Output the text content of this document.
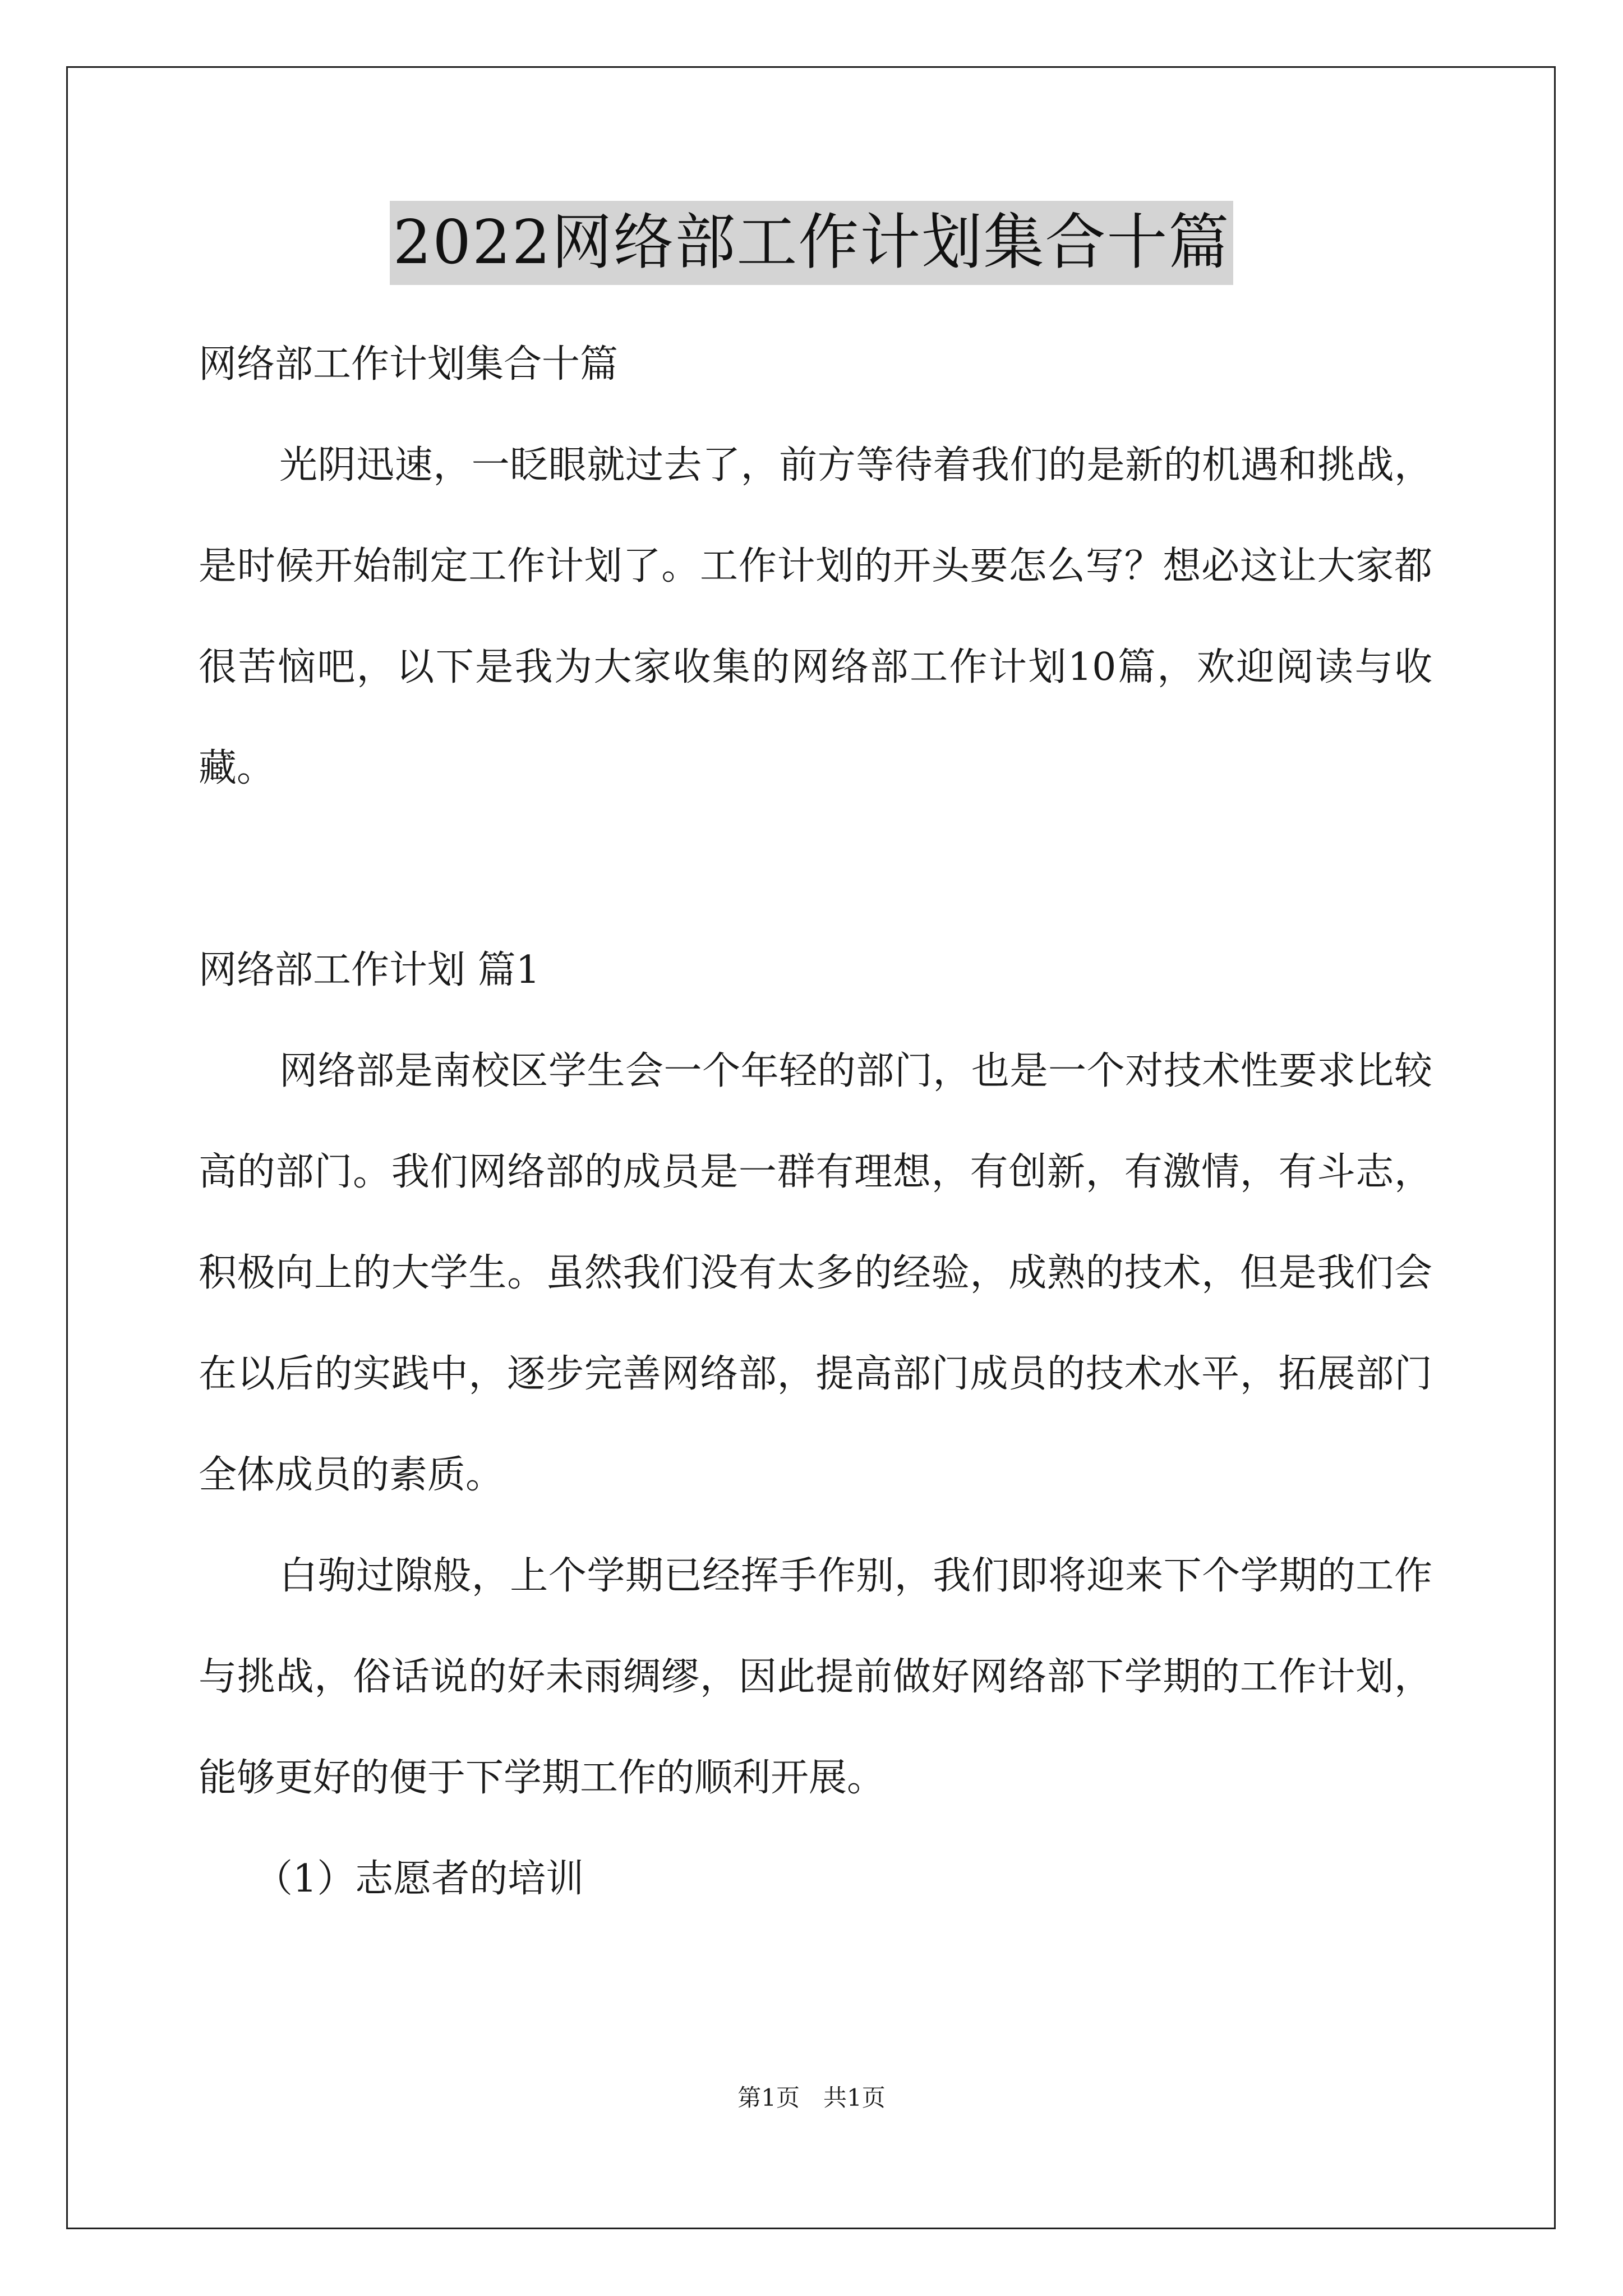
2022网络部工作计划集合十篇
网络部工作计划集合十篇

光阴迅速，一眨眼就过去了，前方等待着我们的是新的机遇和挑战，是时候开始制定工作计划了。工作计划的开头要怎么写？想必这让大家都很苦恼吧，以下是我为大家收集的网络部工作计划10篇，欢迎阅读与收藏。

网络部工作计划 篇1

网络部是南校区学生会一个年轻的部门，也是一个对技术性要求比较高的部门。我们网络部的成员是一群有理想，有创新，有激情，有斗志，积极向上的大学生。虽然我们没有太多的经验，成熟的技术，但是我们会在以后的实践中，逐步完善网络部，提高部门成员的技术水平，拓展部门全体成员的素质。

白驹过隙般，上个学期已经挥手作别，我们即将迎来下个学期的工作与挑战，俗话说的好未雨绸缪，因此提前做好网络部下学期的工作计划，能够更好的便于下学期工作的顺利开展。

（1）志愿者的培训
第1页　共1页
